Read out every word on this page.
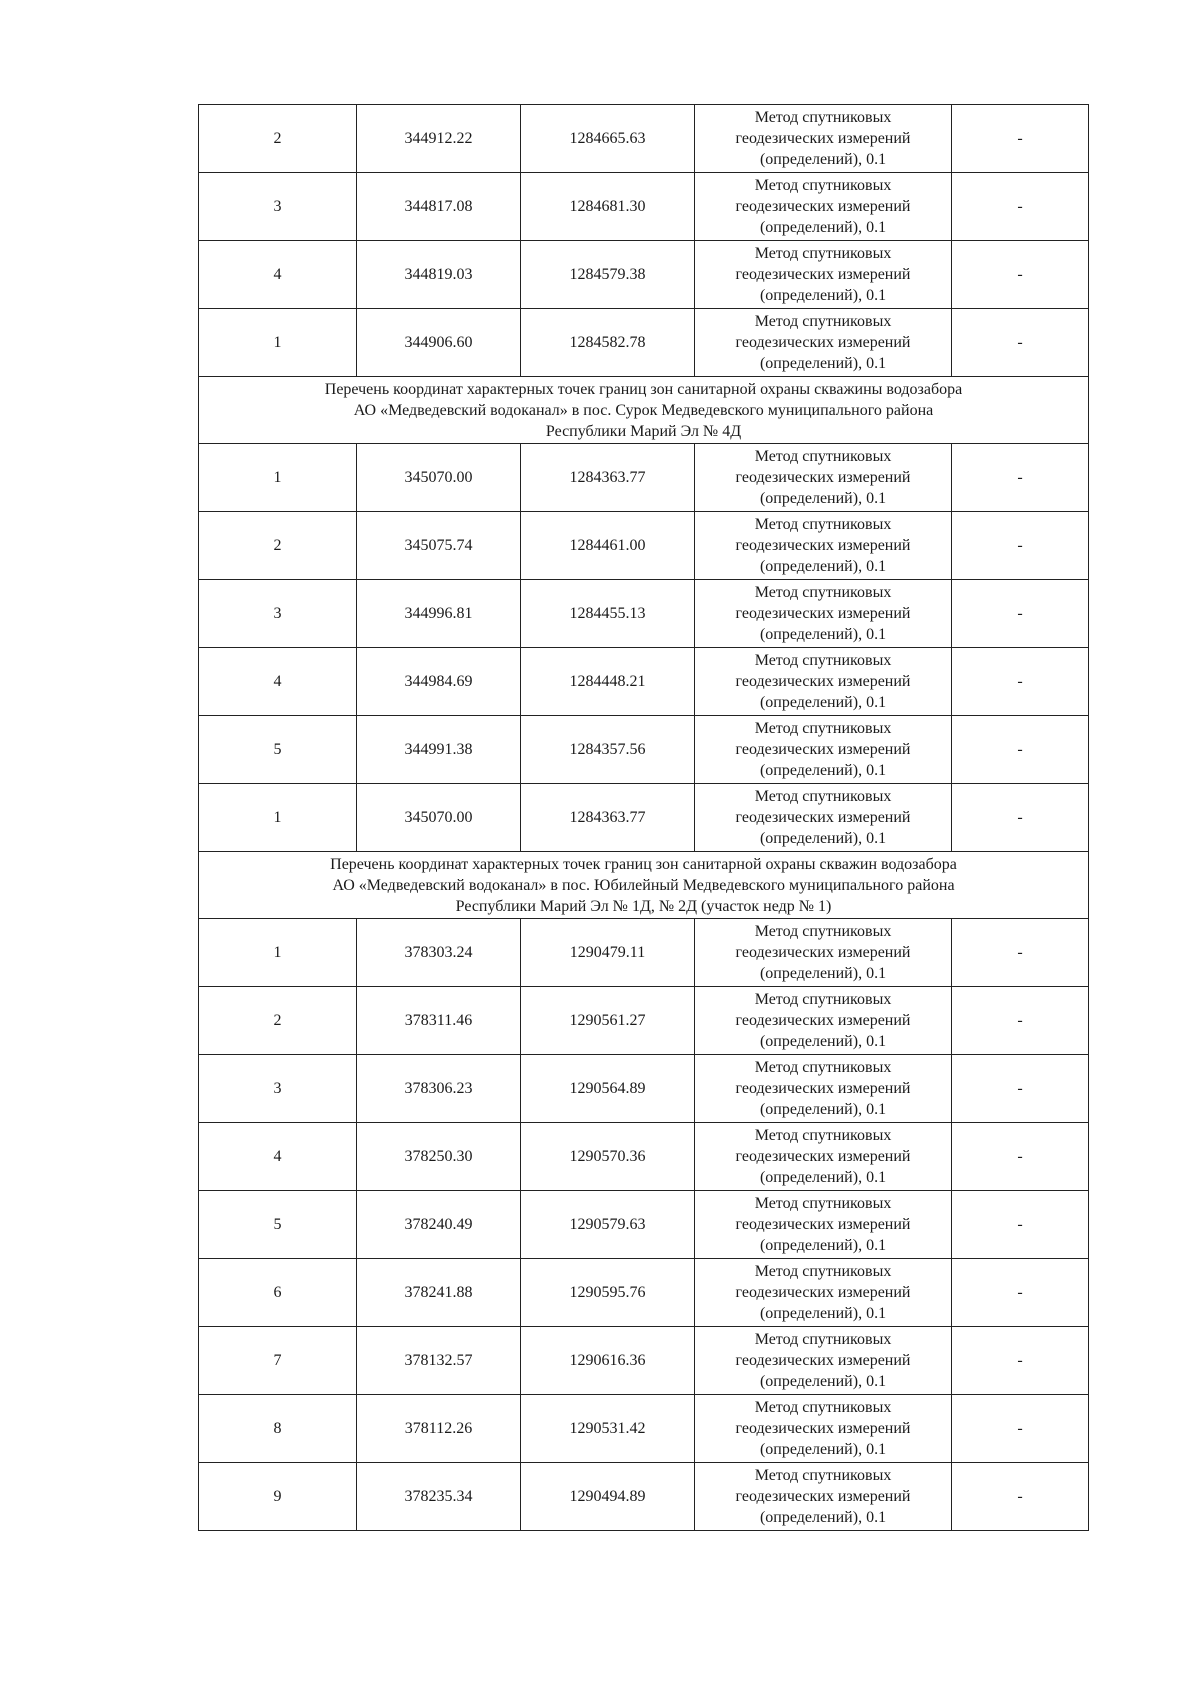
2	344912.22	1284665.63	Метод спутниковых
геодезических измерений
(определений), 0.1	-
3	344817.08	1284681.30	Метод спутниковых
геодезических измерений
(определений), 0.1	-
4	344819.03	1284579.38	Метод спутниковых
геодезических измерений
(определений), 0.1	-
1	344906.60	1284582.78	Метод спутниковых
геодезических измерений
(определений), 0.1	-

Перечень координат характерных точек границ зон санитарной охраны скважины водозабора
АО «Медведевский водоканал» в пос. Сурок Медведевского муниципального района
Республики Марий Эл № 4Д				

1	345070.00	1284363.77	Метод спутниковых
геодезических измерений
(определений), 0.1	-
2	345075.74	1284461.00	Метод спутниковых
геодезических измерений
(определений), 0.1	-
3	344996.81	1284455.13	Метод спутниковых
геодезических измерений
(определений), 0.1	-
4	344984.69	1284448.21	Метод спутниковых
геодезических измерений
(определений), 0.1	-
5	344991.38	1284357.56	Метод спутниковых
геодезических измерений
(определений), 0.1	-
1	345070.00	1284363.77	Метод спутниковых
геодезических измерений
(определений), 0.1	-

Перечень координат характерных точек границ зон санитарной охраны скважин водозабора
АО «Медведевский водоканал» в пос. Юбилейный Медведевского муниципального района
Республики Марий Эл № 1Д, № 2Д (участок недр № 1)				

1	378303.24	1290479.11	Метод спутниковых
геодезических измерений
(определений), 0.1	-
2	378311.46	1290561.27	Метод спутниковых
геодезических измерений
(определений), 0.1	-
3	378306.23	1290564.89	Метод спутниковых
геодезических измерений
(определений), 0.1	-
4	378250.30	1290570.36	Метод спутниковых
геодезических измерений
(определений), 0.1	-
5	378240.49	1290579.63	Метод спутниковых
геодезических измерений
(определений), 0.1	-
6	378241.88	1290595.76	Метод спутниковых
геодезических измерений
(определений), 0.1	-
7	378132.57	1290616.36	Метод спутниковых
геодезических измерений
(определений), 0.1	-
8	378112.26	1290531.42	Метод спутниковых
геодезических измерений
(определений), 0.1	-
9	378235.34	1290494.89	Метод спутниковых
геодезических измерений
(определений), 0.1	-
